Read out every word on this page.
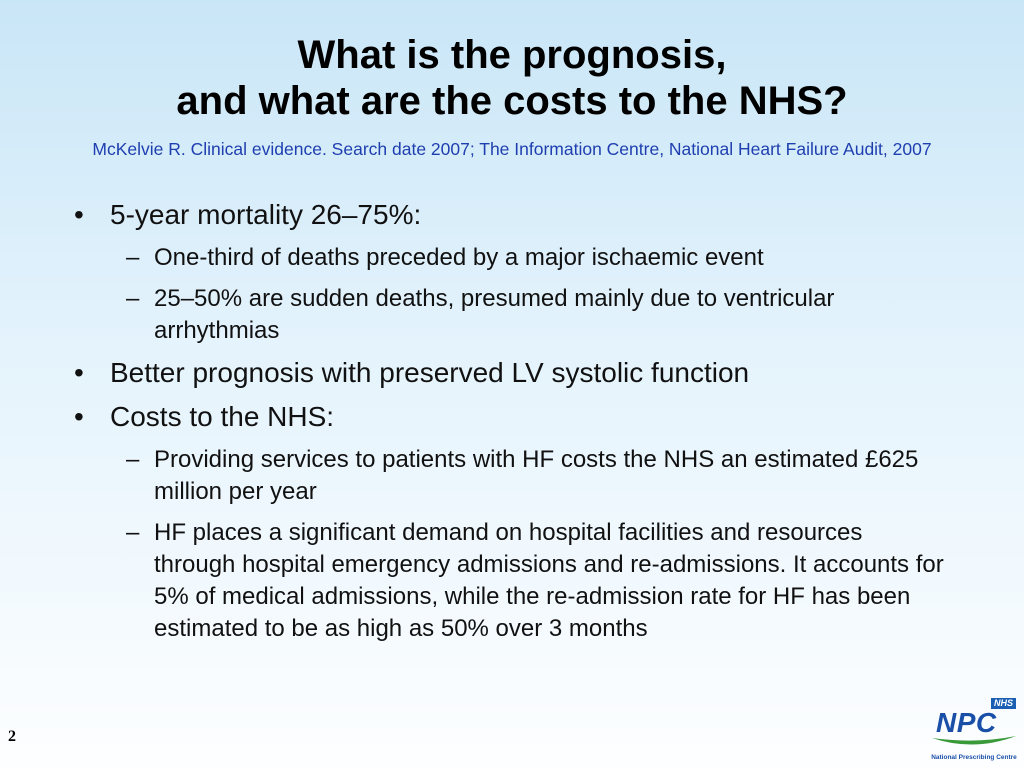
What is the prognosis,
and what are the costs to the NHS?
McKelvie R. Clinical evidence. Search date 2007; The Information Centre, National Heart Failure Audit, 2007
• 5-year mortality 26–75%:
– One-third of deaths preceded by a major ischaemic event
– 25–50% are sudden deaths, presumed mainly due to ventricular arrhythmias
• Better prognosis with preserved LV systolic function
• Costs to the NHS:
– Providing services to patients with HF costs the NHS an estimated £625 million per year
– HF places a significant demand on hospital facilities and resources through hospital emergency admissions and re-admissions. It accounts for 5% of medical admissions, while the re-admission rate for HF has been estimated to be as high as 50% over 3 months
2
NHS
NPC
National Prescribing Centre
